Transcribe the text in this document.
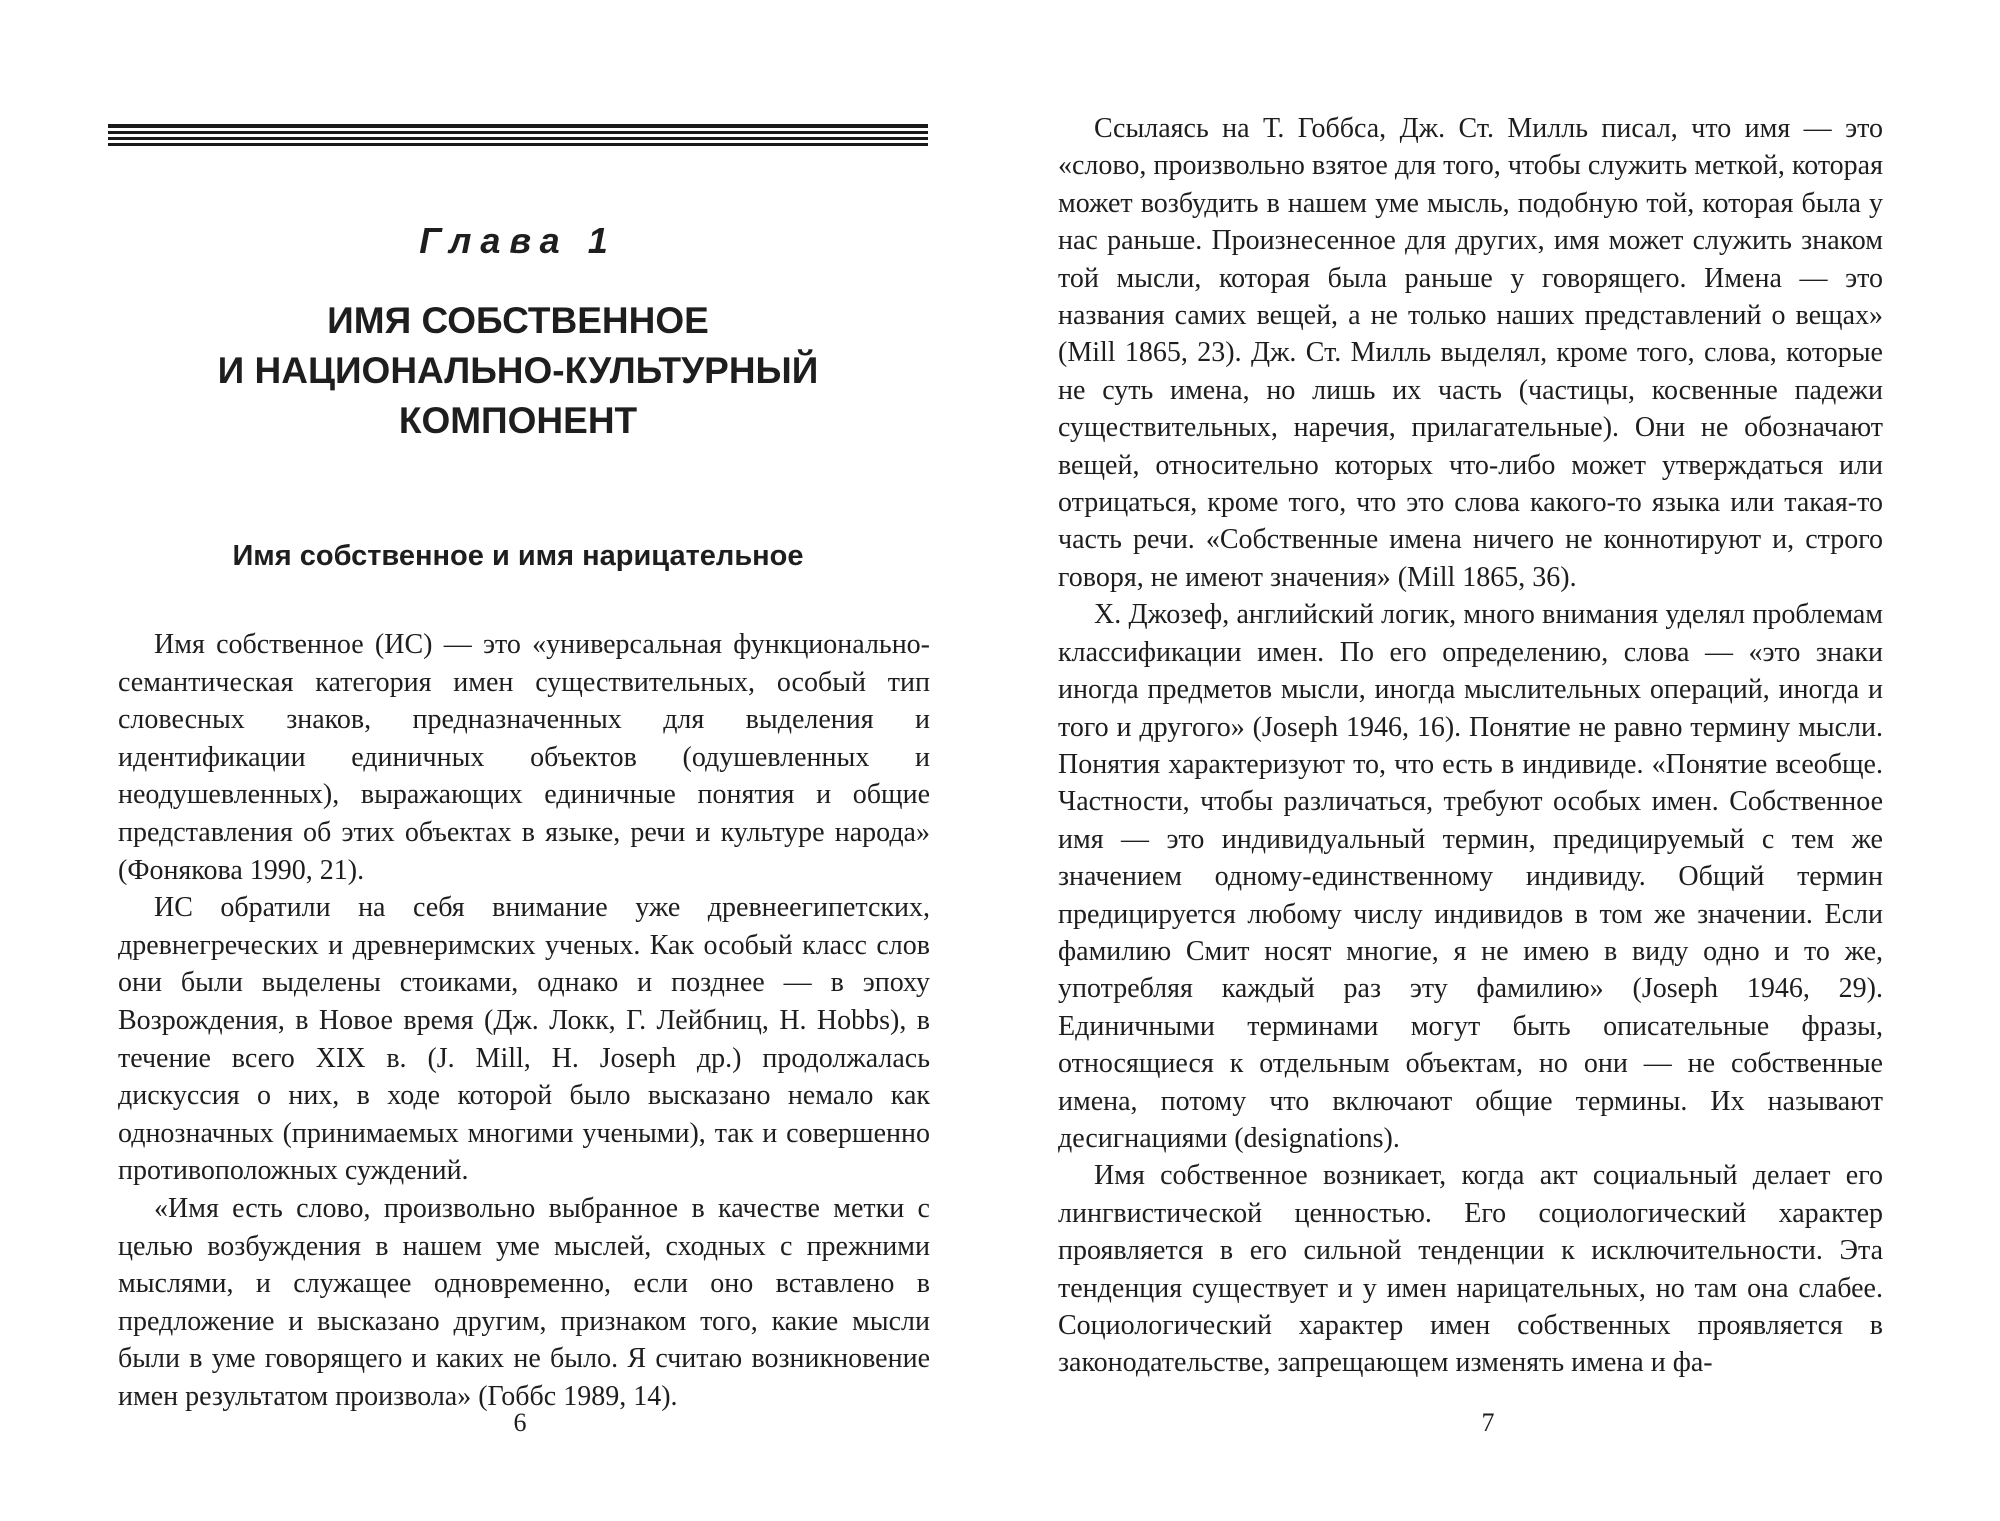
Глава 1
ИМЯ СОБСТВЕННОЕ
И НАЦИОНАЛЬНО-КУЛЬТУРНЫЙ
КОМПОНЕНТ
Имя собственное и имя нарицательное

Имя собственное (ИС) — это «универсальная функционально-семантическая категория имен существительных, особый тип словесных знаков, предназначенных для выделения и идентификации единичных объектов (одушевленных и неодушевленных), выражающих единичные понятия и общие представления об этих объектах в языке, речи и культуре народа» (Фонякова 1990, 21).

ИС обратили на себя внимание уже древнеегипетских, древнегреческих и древнеримских ученых. Как особый класс слов они были выделены стоиками, однако и позднее — в эпоху Возрождения, в Новое время (Дж. Локк, Г. Лейбниц, H. Hobbs), в течение всего XIX в. (J. Mill, H. Joseph др.) продолжалась дискуссия о них, в ходе которой было высказано немало как однозначных (принимаемых многими учеными), так и совершенно противоположных суждений.

«Имя есть слово, произвольно выбранное в качестве метки с целью возбуждения в нашем уме мыслей, сходных с прежними мыслями, и служащее одновременно, если оно вставлено в предложение и высказано другим, признаком того, какие мысли были в уме говорящего и каких не было. Я считаю возникновение имен результатом произвола» (Гоббс 1989, 14).

6

Ссылаясь на Т. Гоббса, Дж. Ст. Милль писал, что имя — это «слово, произвольно взятое для того, чтобы служить меткой, которая может возбудить в нашем уме мысль, подобную той, которая была у нас раньше. Произнесенное для других, имя может служить знаком той мысли, которая была раньше у говорящего. Имена — это названия самих вещей, а не только наших представлений о вещах» (Mill 1865, 23). Дж. Ст. Милль выделял, кроме того, слова, которые не суть имена, но лишь их часть (частицы, косвенные падежи существительных, наречия, прилагательные). Они не обозначают вещей, относительно которых что-либо может утверждаться или отрицаться, кроме того, что это слова какого-то языка или такая-то часть речи. «Собственные имена ничего не коннотируют и, строго говоря, не имеют значения» (Mill 1865, 36).

Х. Джозеф, английский логик, много внимания уделял проблемам классификации имен. По его определению, слова — «это знаки иногда предметов мысли, иногда мыслительных операций, иногда и того и другого» (Joseph 1946, 16). Понятие не равно термину мысли. Понятия характеризуют то, что есть в индивиде. «Понятие всеобще. Частности, чтобы различаться, требуют особых имен. Собственное имя — это индивидуальный термин, предицируемый с тем же значением одному-единственному индивиду. Общий термин предицируется любому числу индивидов в том же значении. Если фамилию Смит носят многие, я не имею в виду одно и то же, употребляя каждый раз эту фамилию» (Joseph 1946, 29). Единичными терминами могут быть описательные фразы, относящиеся к отдельным объектам, но они — не собственные имена, потому что включают общие термины. Их называют десигнациями (designations).

Имя собственное возникает, когда акт социальный делает его лингвистической ценностью. Его социологический характер проявляется в его сильной тенденции к исключительности. Эта тенденция существует и у имен нарицательных, но там она слабее. Социологический характер имен собственных проявляется в законодательстве, запрещающем изменять имена и фа-

7
